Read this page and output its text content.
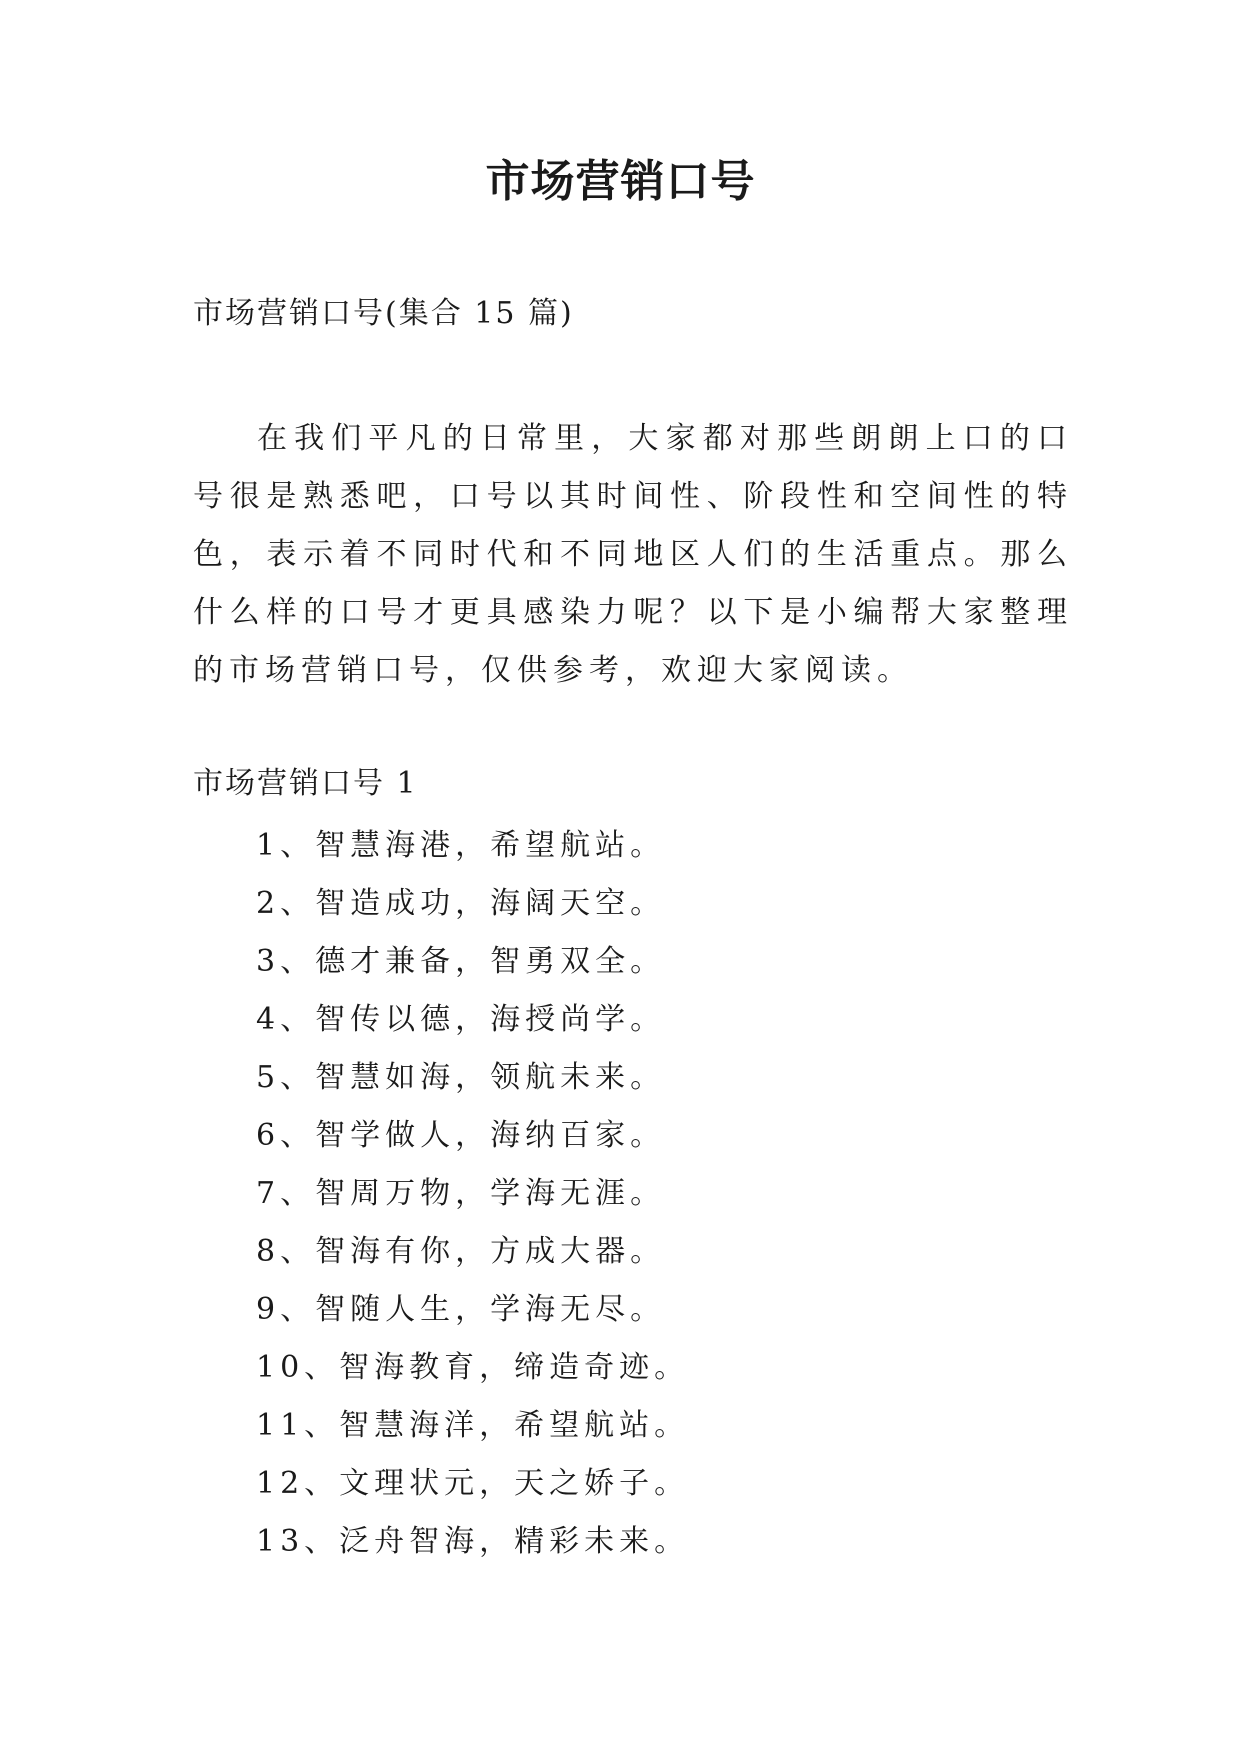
市场营销口号

市场营销口号(集合 15 篇)

在我们平凡的日常里，大家都对那些朗朗上口的口号很是熟悉吧，口号以其时间性、阶段性和空间性的特色，表示着不同时代和不同地区人们的生活重点。那么什么样的口号才更具感染力呢？以下是小编帮大家整理的市场营销口号，仅供参考，欢迎大家阅读。

市场营销口号 1
1、智慧海港，希望航站。
2、智造成功，海阔天空。
3、德才兼备，智勇双全。
4、智传以德，海授尚学。
5、智慧如海，领航未来。
6、智学做人，海纳百家。
7、智周万物，学海无涯。
8、智海有你，方成大器。
9、智随人生，学海无尽。
10、智海教育，缔造奇迹。
11、智慧海洋，希望航站。
12、文理状元，天之娇子。
13、泛舟智海，精彩未来。
